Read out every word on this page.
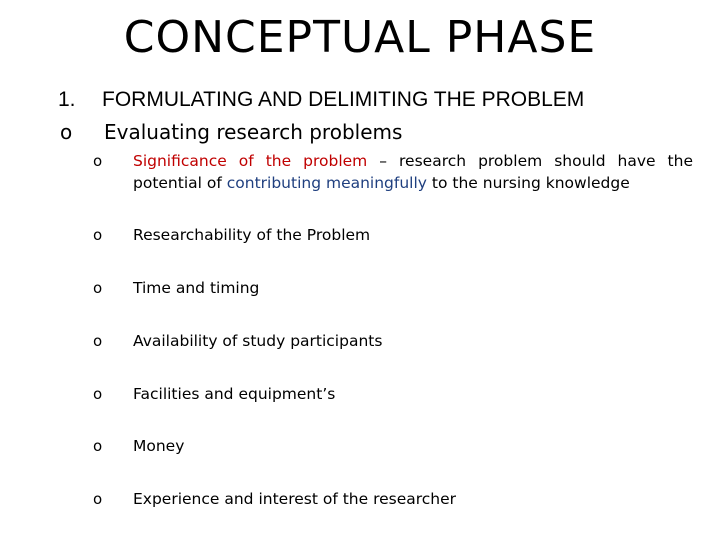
CONCEPTUAL PHASE
1. FORMULATING AND DELIMITING THE PROBLEM
o Evaluating research problems
o Significance of the problem – research problem should have the potential of contributing meaningfully to the nursing knowledge
o Researchability of the Problem
o Time and timing
o Availability of study participants
o Facilities and equipment’s
o Money
o Experience and interest of the researcher
